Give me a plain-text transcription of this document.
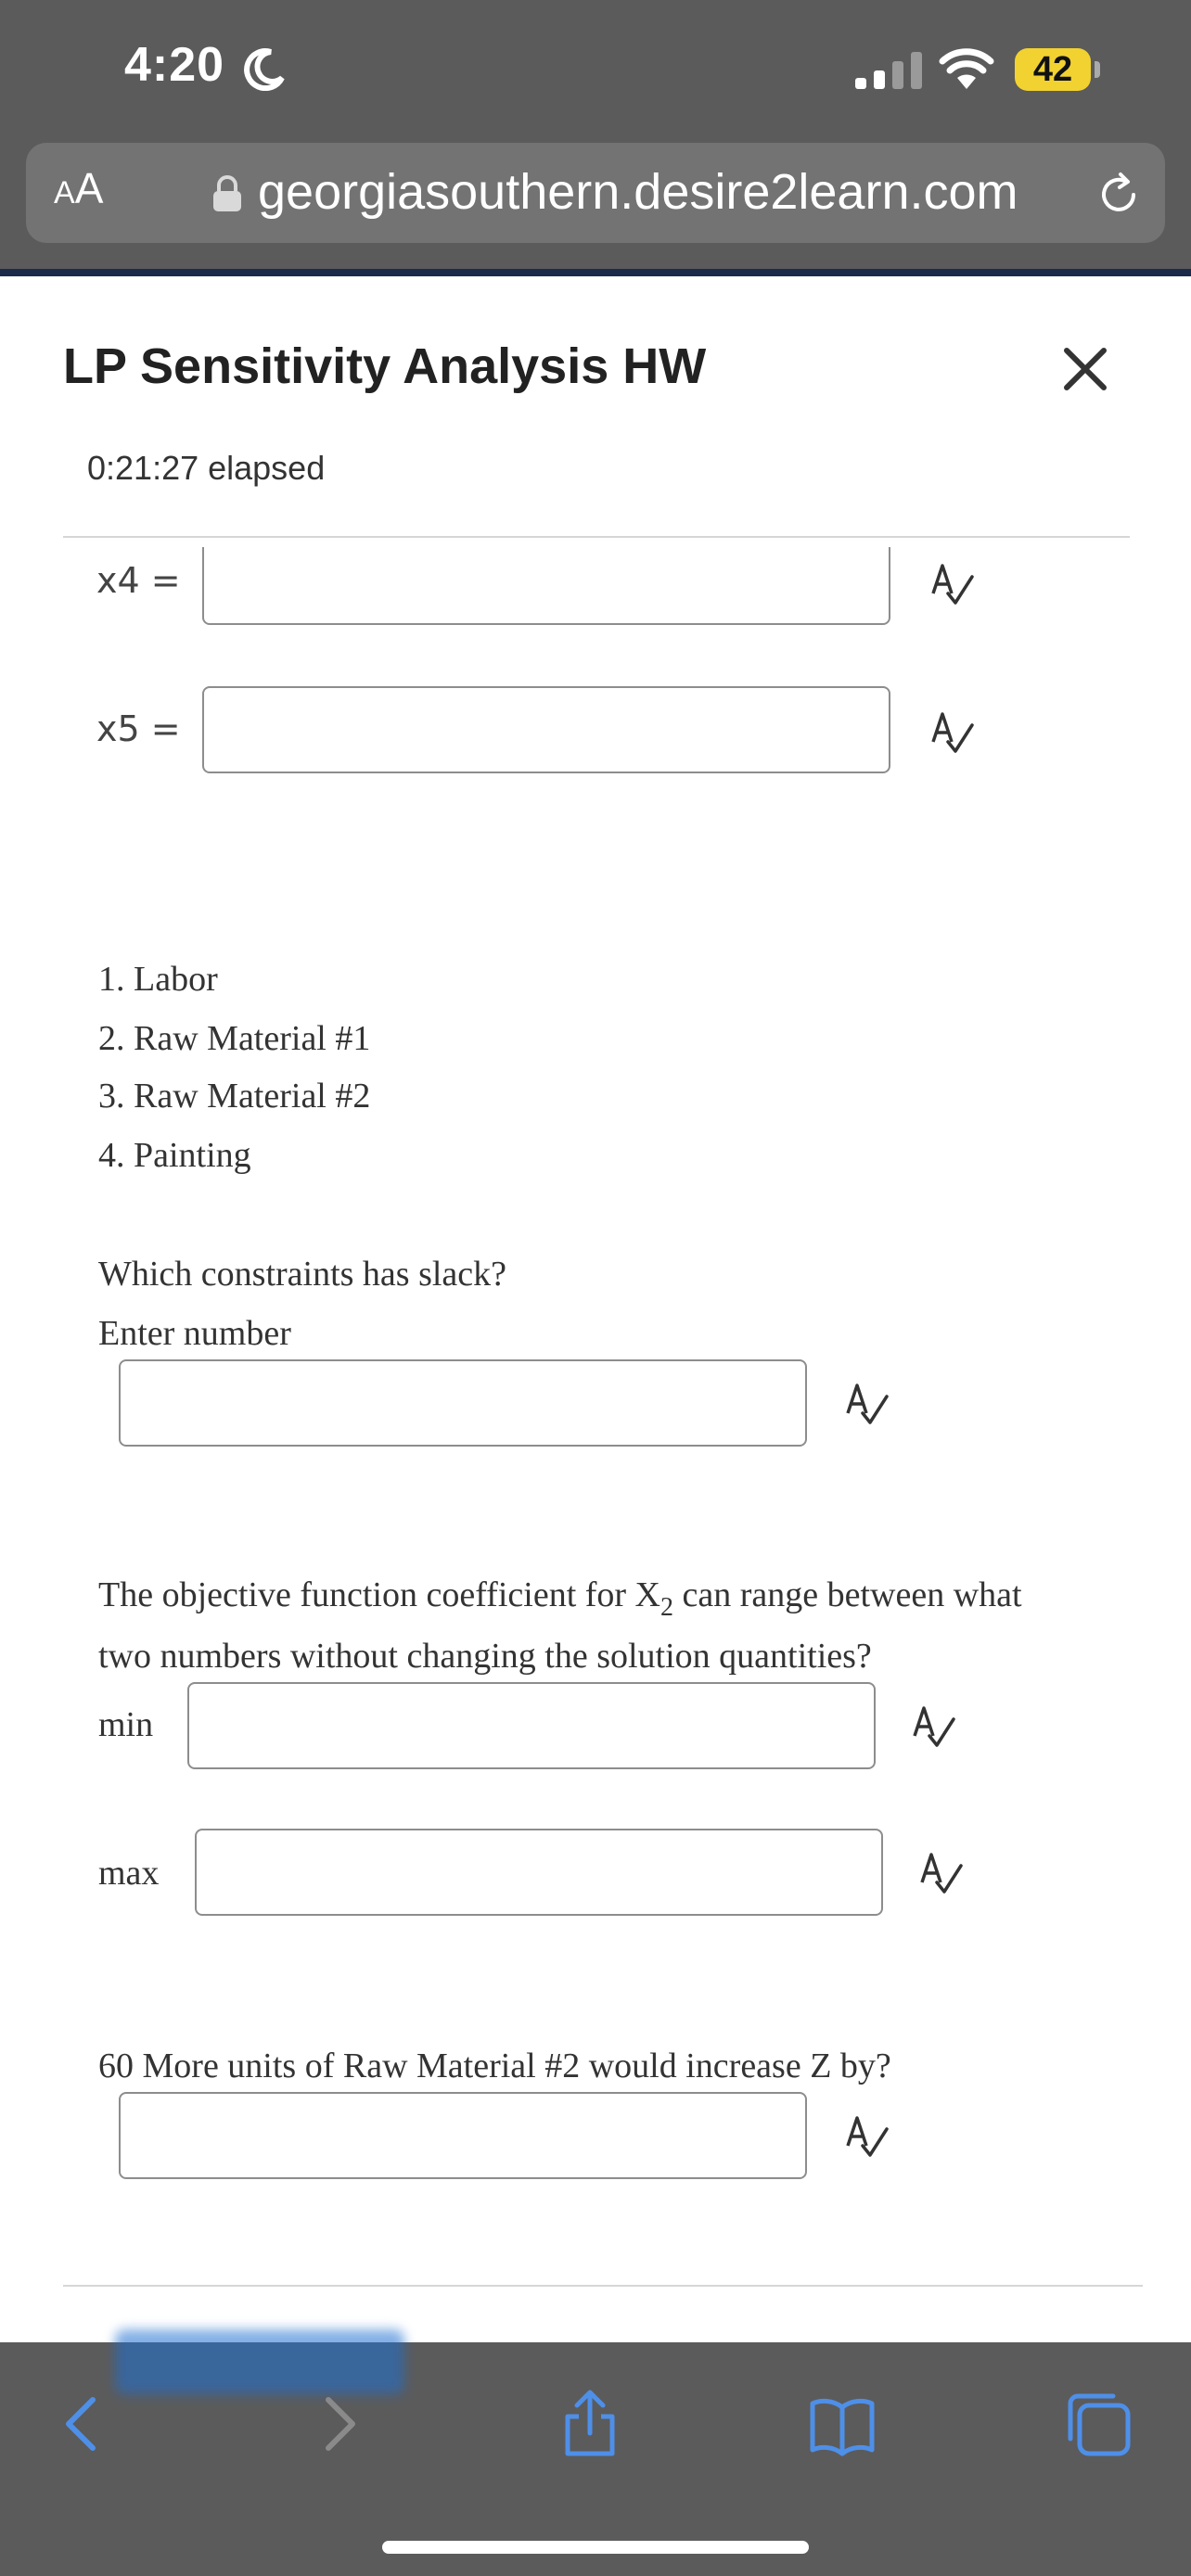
4:20	42
AA	georgiasouthern.desire2learn.com
LP Sensitivity Analysis HW
0:21:27 elapsed
x4 =
x5 =
1. Labor
2. Raw Material #1
3. Raw Material #2
4. Painting
Which constraints has slack?
Enter number
The objective function coefficient for $X_2$ can range between what
two numbers without changing the solution quantities?
min
max
60 More units of Raw Material #2 would increase Z by?
